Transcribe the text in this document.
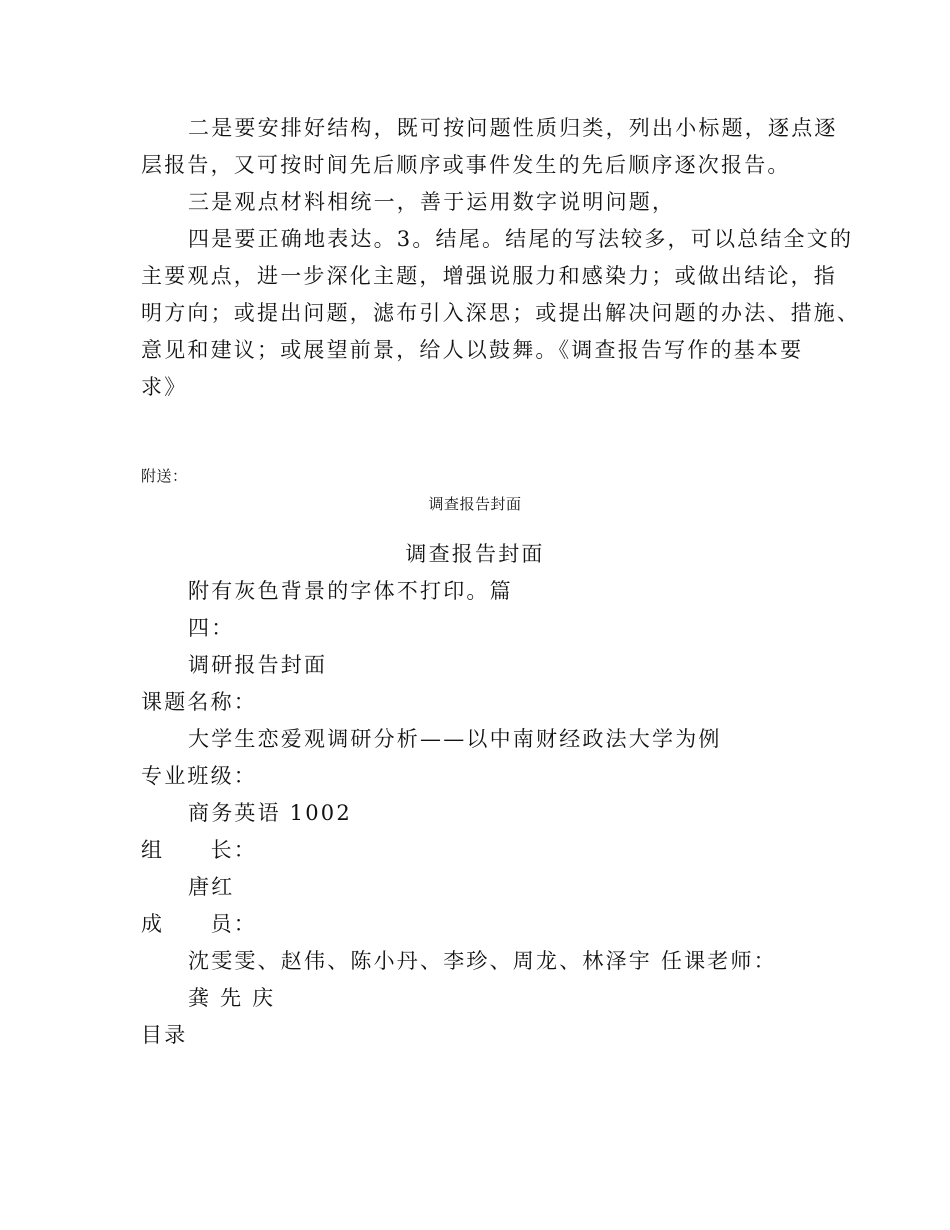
二是要安排好结构，既可按问题性质归类，列出小标题，逐点逐
层报告，又可按时间先后顺序或事件发生的先后顺序逐次报告。
三是观点材料相统一，善于运用数字说明问题，
四是要正确地表达。3。结尾。结尾的写法较多，可以总结全文的
主要观点，进一步深化主题，增强说服力和感染力；或做出结论，指
明方向；或提出问题，滤布引入深思；或提出解决问题的办法、措施、
意见和建议；或展望前景，给人以鼓舞。《调查报告写作的基本要
求》
附送：
调查报告封面
调查报告封面
附有灰色背景的字体不打印。篇
四：
调研报告封面
课题名称：
大学生恋爱观调研分析——以中南财经政法大学为例
专业班级：
商务英语 1002
组　　长：
唐红
成　　员：
沈雯雯、赵伟、陈小丹、李珍、周龙、林泽宇 任课老师：
龚 先 庆
目录
